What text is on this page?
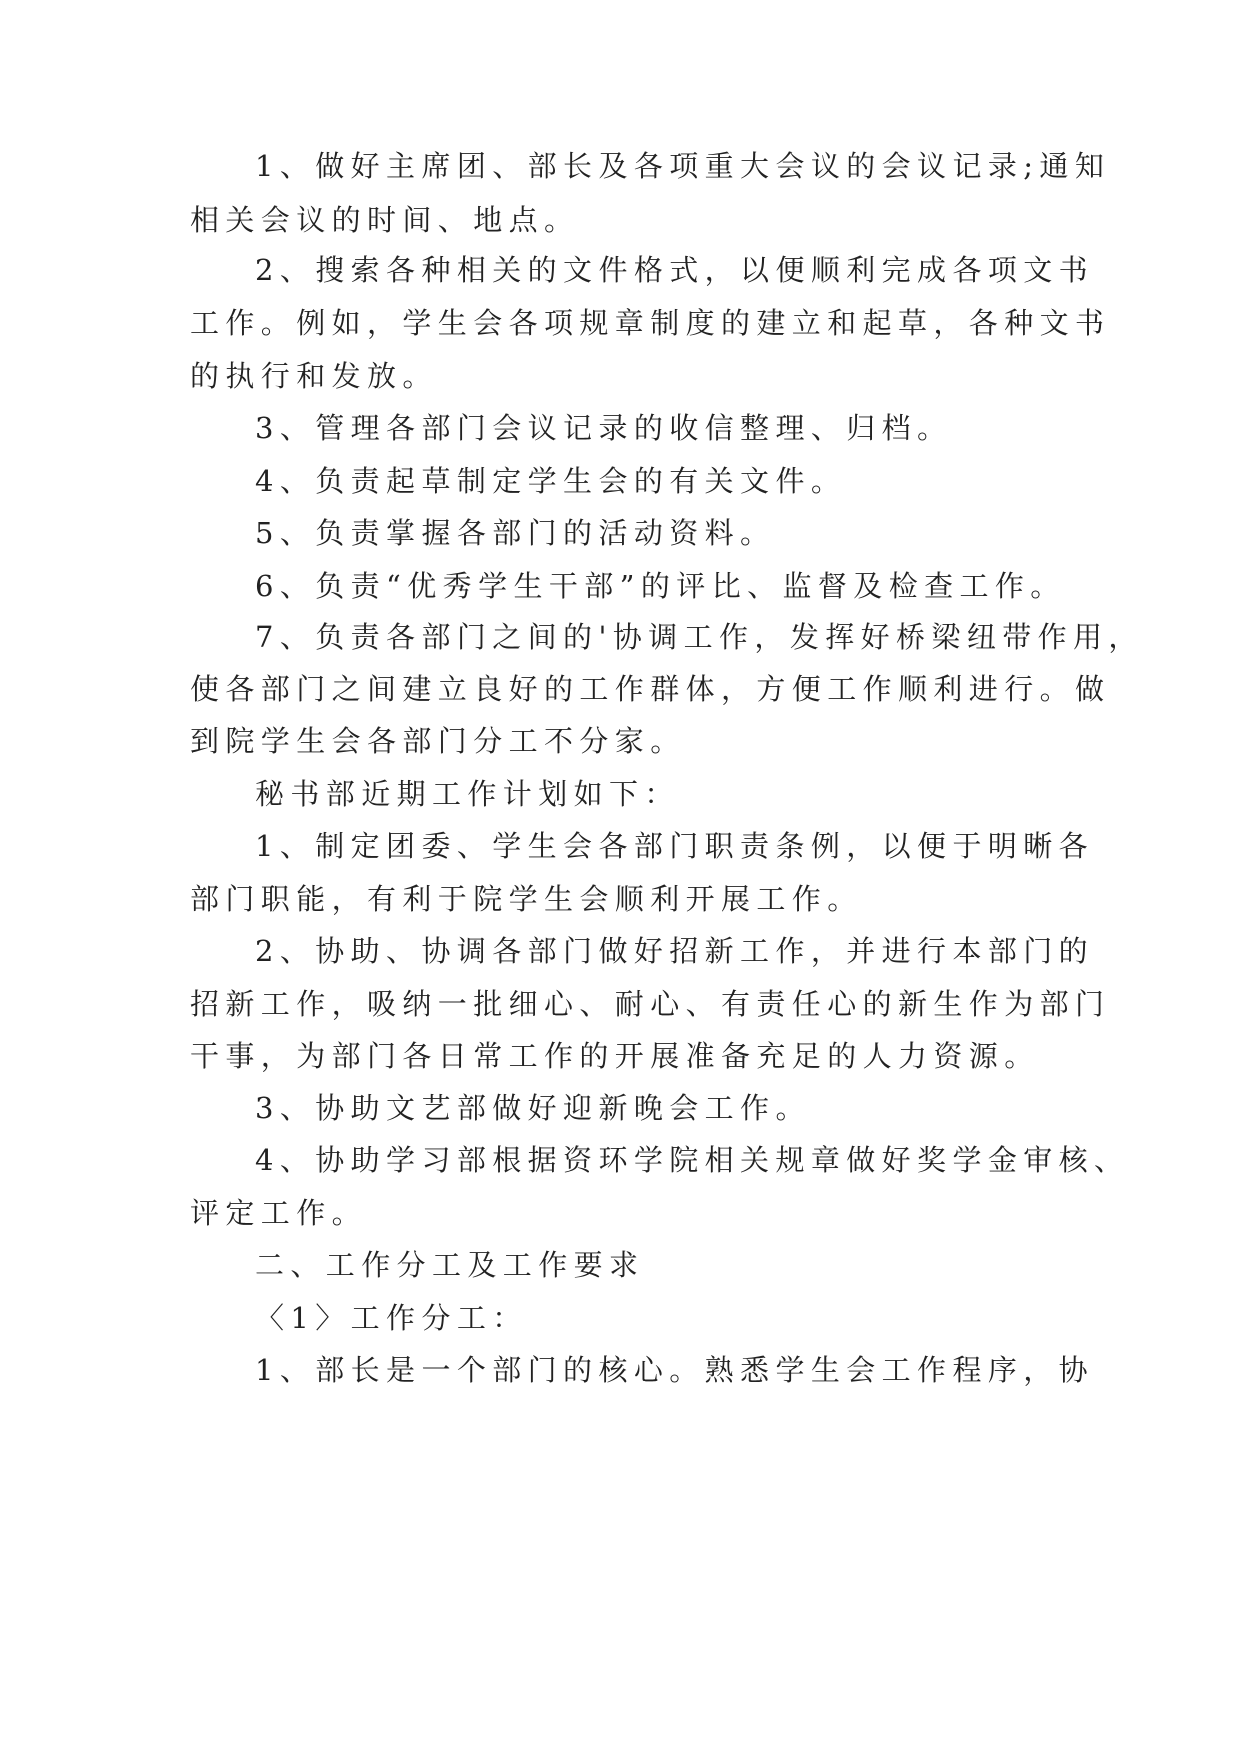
1、做好主席团、部长及各项重大会议的会议记录;通知
相关会议的时间、地点。
2、搜索各种相关的文件格式，以便顺利完成各项文书
工作。例如，学生会各项规章制度的建立和起草，各种文书
的执行和发放。
3、管理各部门会议记录的收信整理、归档。
4、负责起草制定学生会的有关文件。
5、负责掌握各部门的活动资料。
6、负责“优秀学生干部”的评比、监督及检查工作。
7、负责各部门之间的'协调工作，发挥好桥梁纽带作用，
使各部门之间建立良好的工作群体，方便工作顺利进行。做
到院学生会各部门分工不分家。
秘书部近期工作计划如下：
1、制定团委、学生会各部门职责条例，以便于明晰各
部门职能，有利于院学生会顺利开展工作。
2、协助、协调各部门做好招新工作，并进行本部门的
招新工作，吸纳一批细心、耐心、有责任心的新生作为部门
干事，为部门各日常工作的开展准备充足的人力资源。
3、协助文艺部做好迎新晚会工作。
4、协助学习部根据资环学院相关规章做好奖学金审核、
评定工作。
二、工作分工及工作要求
〈1〉工作分工：
1、部长是一个部门的核心。熟悉学生会工作程序，协
